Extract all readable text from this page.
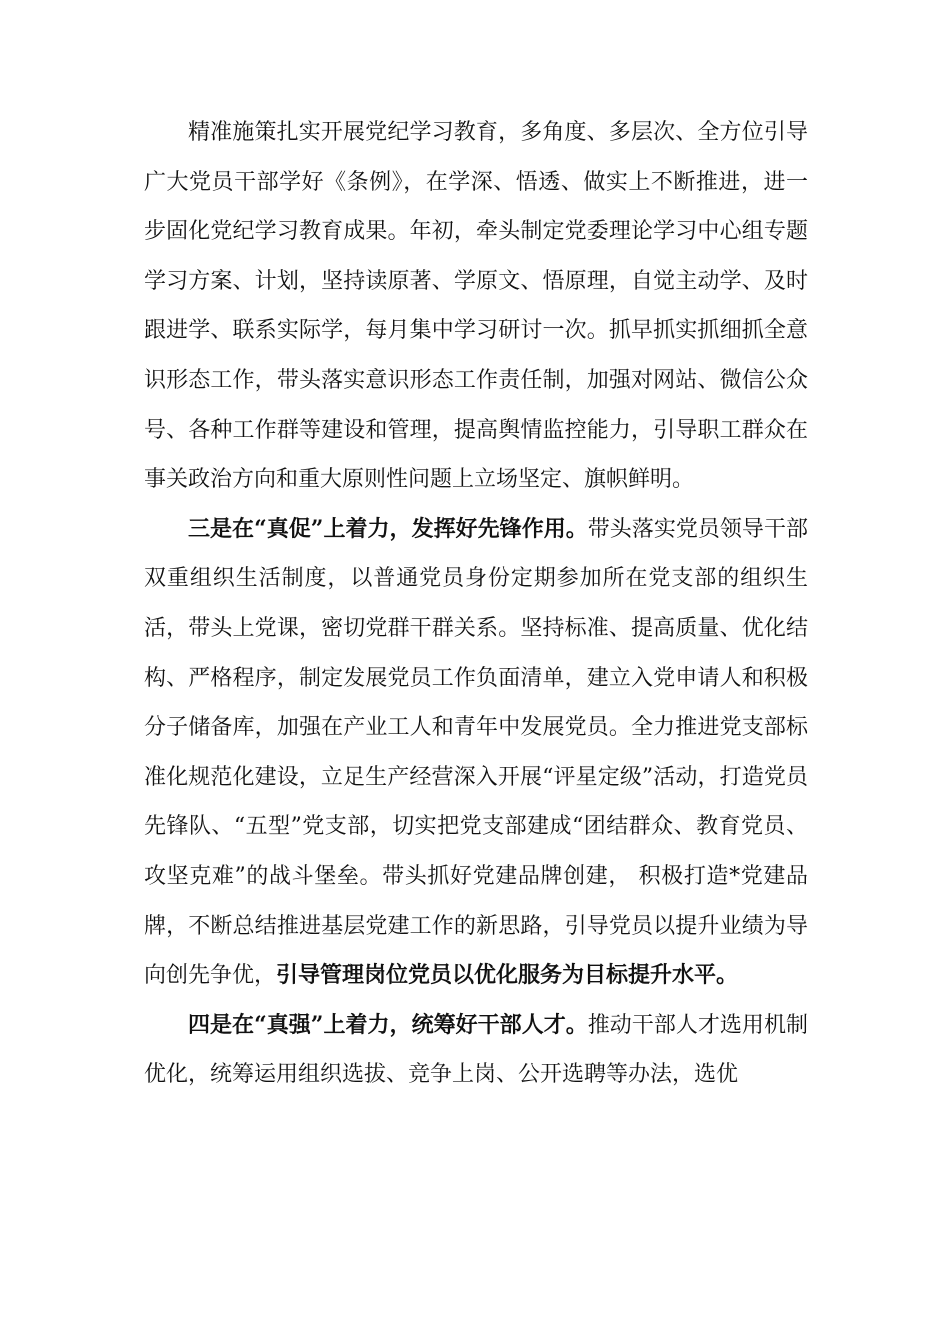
精准施策扎实开展党纪学习教育，多角度、多层次、全方位引导广大党员干部学好《条例》，在学深、悟透、做实上不断推进，进一步固化党纪学习教育成果。年初，牵头制定党委理论学习中心组专题学习方案、计划，坚持读原著、学原文、悟原理，自觉主动学、及时跟进学、联系实际学，每月集中学习研讨一次。抓早抓实抓细抓全意识形态工作，带头落实意识形态工作责任制，加强对网站、微信公众号、各种工作群等建设和管理，提高舆情监控能力，引导职工群众在事关政治方向和重大原则性问题上立场坚定、旗帜鲜明。

三是在“真促”上着力，发挥好先锋作用。带头落实党员领导干部双重组织生活制度，以普通党员身份定期参加所在党支部的组织生活，带头上党课，密切党群干群关系。坚持标准、提高质量、优化结构、严格程序，制定发展党员工作负面清单，建立入党申请人和积极分子储备库，加强在产业工人和青年中发展党员。全力推进党支部标准化规范化建设，立足生产经营深入开展“评星定级”活动，打造党员先锋队、“五型”党支部，切实把党支部建成“团结群众、教育党员、攻坚克难”的战斗堡垒。带头抓好党建品牌创建， 积极打造*党建品牌，不断总结推进基层党建工作的新思路，引导党员以提升业绩为导向创先争优，引导管理岗位党员以优化服务为目标提升水平。

四是在“真强”上着力，统筹好干部人才。推动干部人才选用机制优化，统筹运用组织选拔、竞争上岗、公开选聘等办法，选优
